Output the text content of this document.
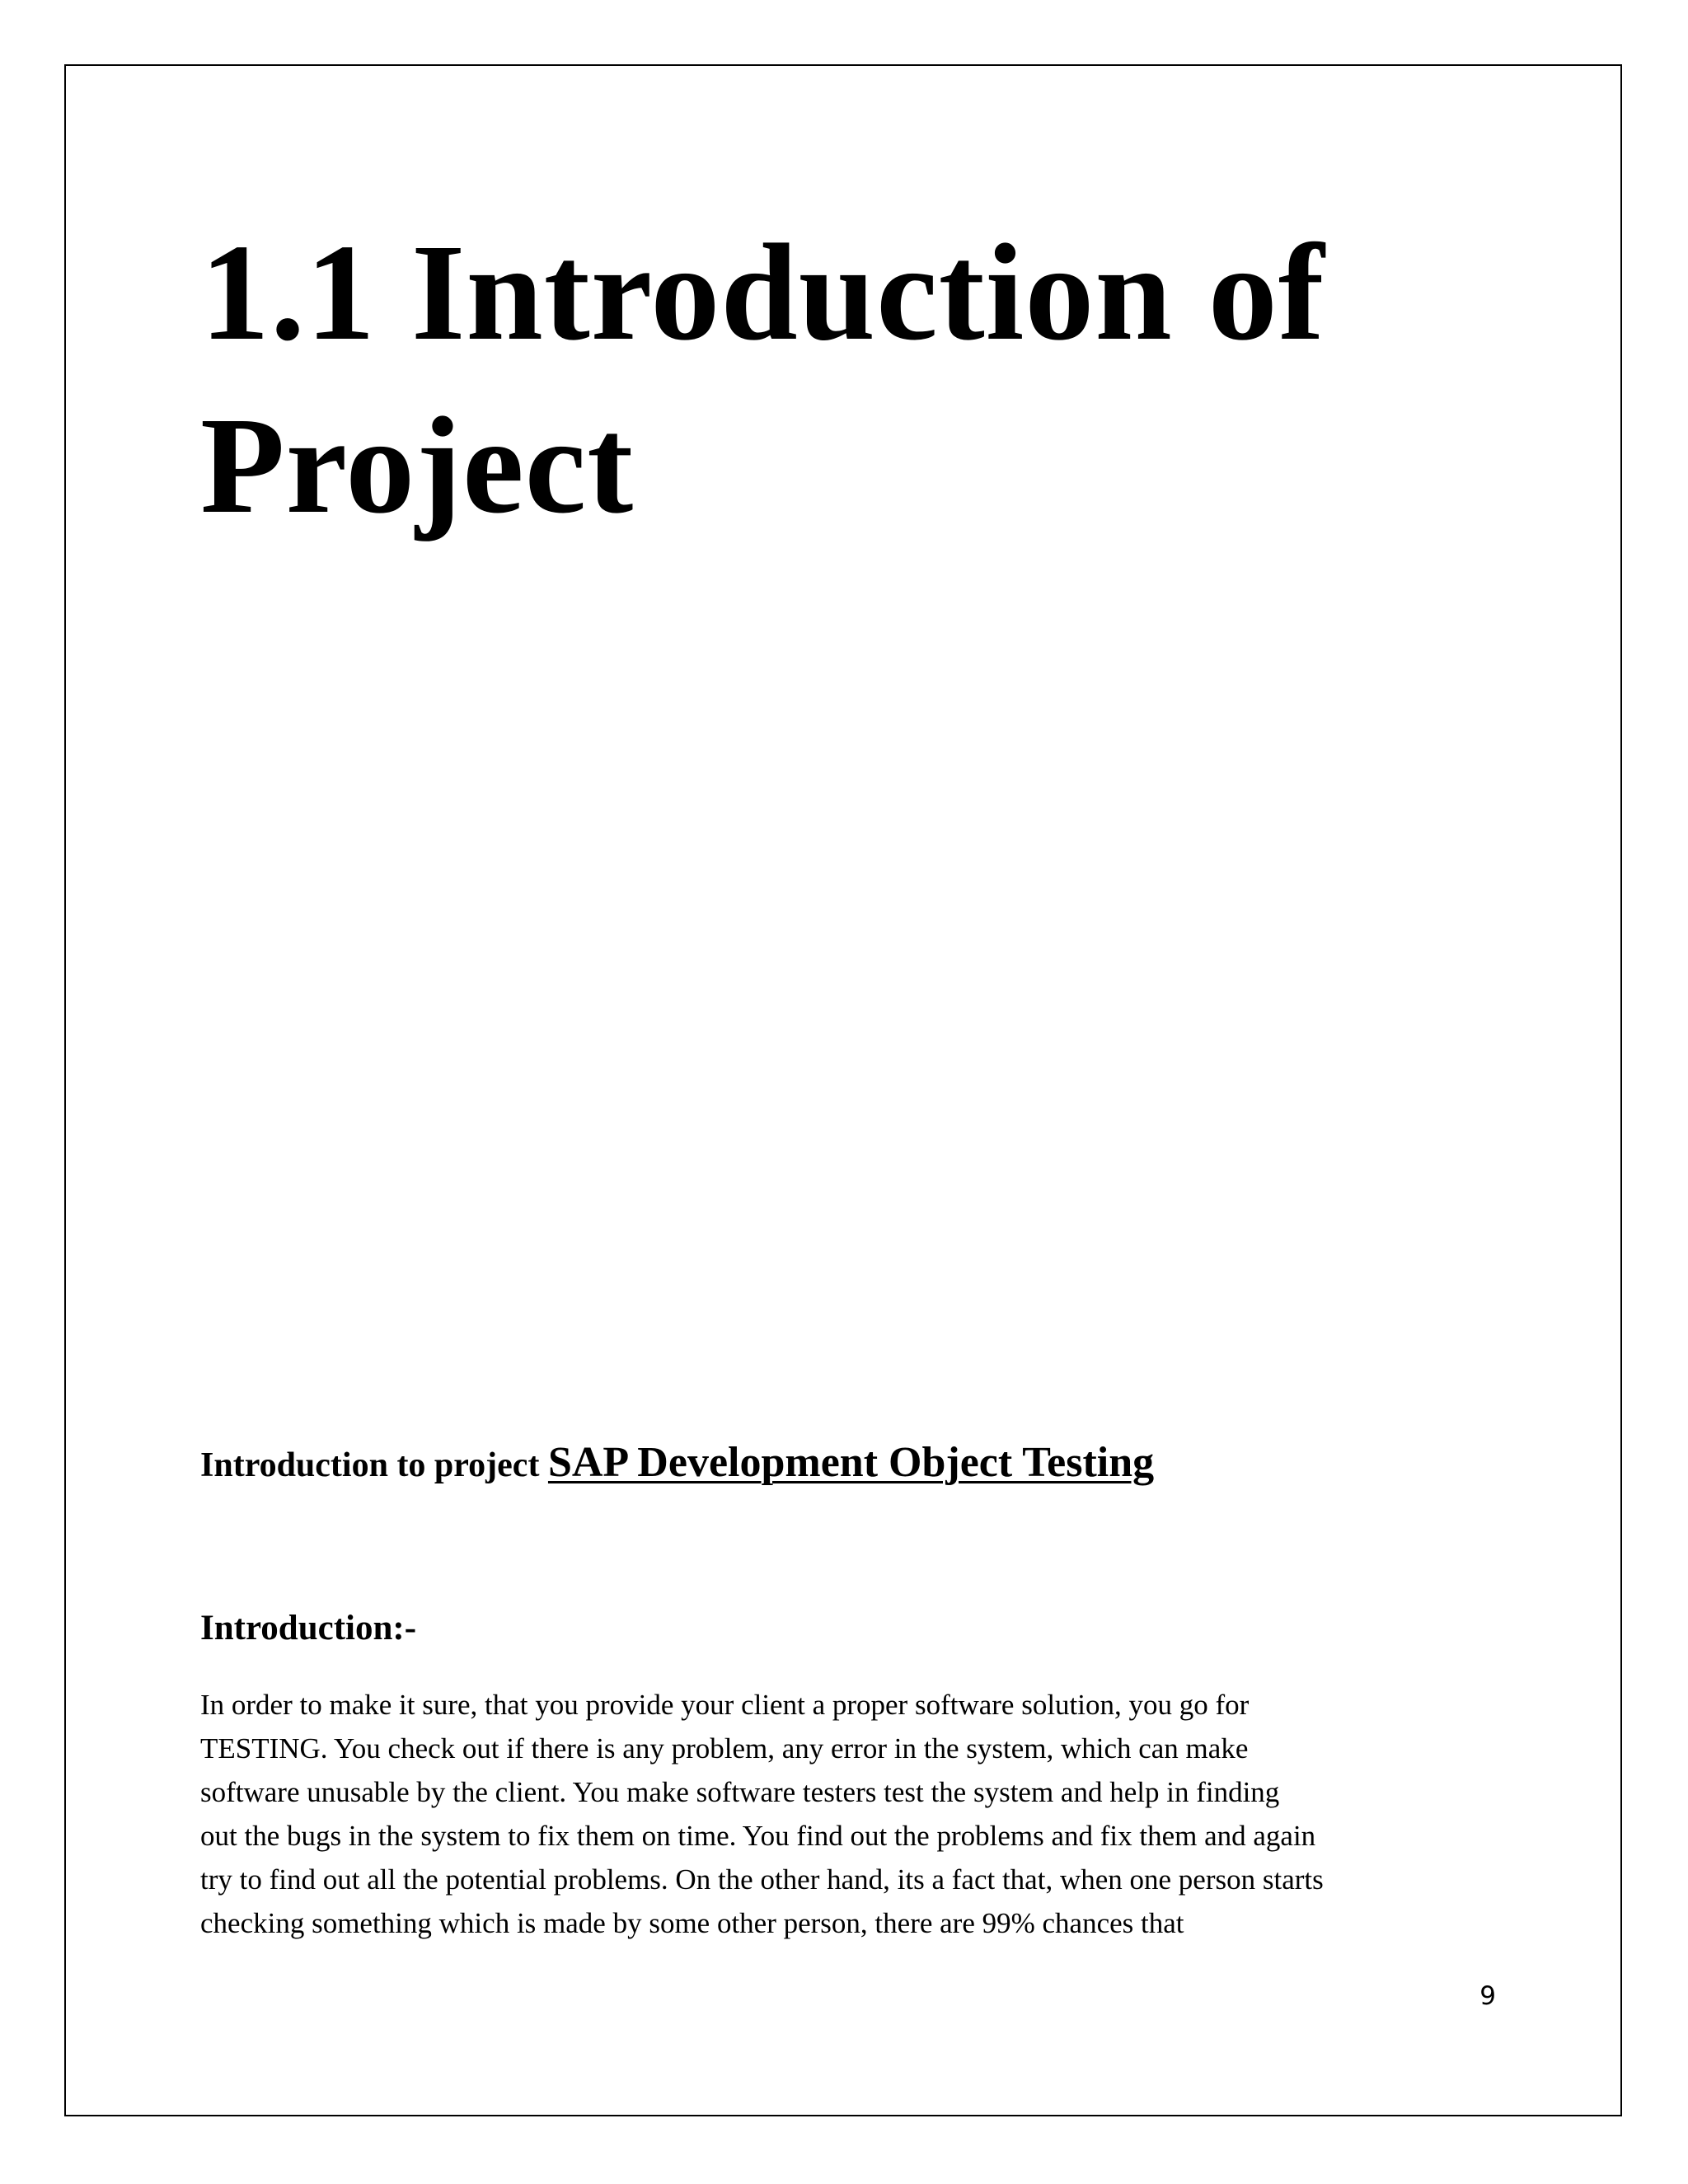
1.1 Introduction of
Project

Introduction to project SAP Development Object Testing

Introduction:-

In order to make it sure, that you provide your client a proper software solution, you go for
TESTING. You check out if there is any problem, any error in the system, which can make
software unusable by the client. You make software testers test the system and help in finding
out the bugs in the system to fix them on time. You find out the problems and fix them and again
try to find out all the potential problems. On the other hand, its a fact that, when one person starts
checking something which is made by some other person, there are 99% chances that

9
